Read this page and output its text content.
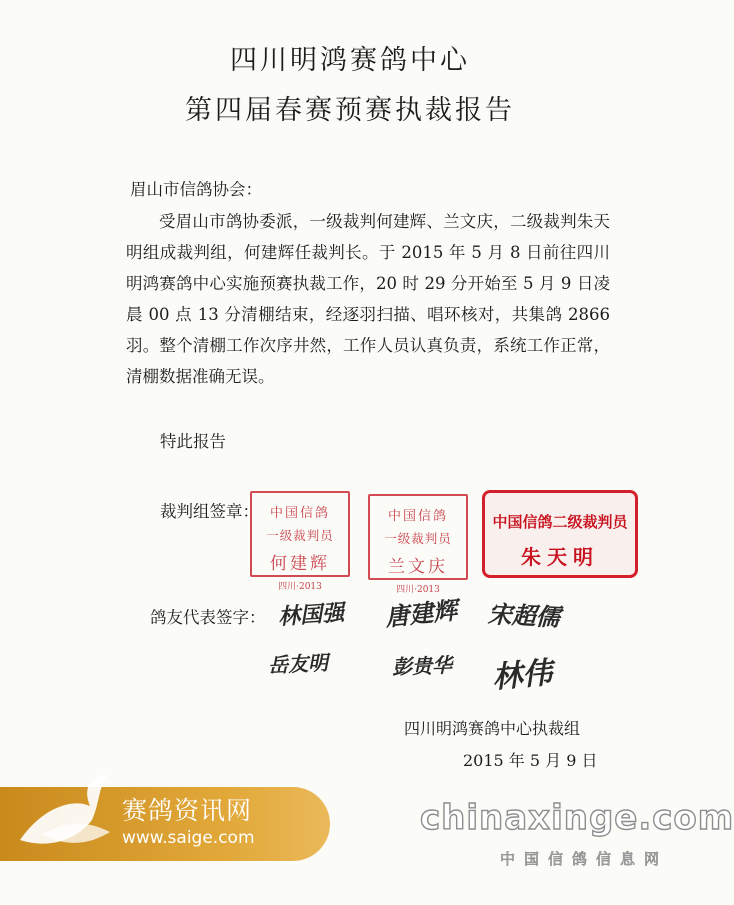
四川明鸿赛鸽中心
第四届春赛预赛执裁报告
眉山市信鸽协会：
受眉山市鸽协委派，一级裁判何建辉、兰文庆，二级裁判朱天明组成裁判组，何建辉任裁判长。于 2015 年 5 月 8 日前往四川明鸿赛鸽中心实施预赛执裁工作，20 时 29 分开始至 5 月 9 日凌晨 00 点 13 分清棚结束，经逐羽扫描、唱环核对，共集鸽 2866 羽。整个清棚工作次序井然，工作人员认真负责，系统工作正常，清棚数据准确无误。
特此报告
裁判组签章： 中国信鸽
一级裁判员
何建辉
四川·2013
中国信鸽
一级裁判员
兰文庆
四川·2013
中国信鸽二级裁判员
朱天明
鸽友代表签字： 林国强 唐建辉 宋超儒
岳友明	彭贵华 林伟
四川明鸿赛鸽中心执裁组
2015 年 5 月 9 日
赛鸽资讯网
www.saige.com	chinaxinge.com
中国信鸽信息网
